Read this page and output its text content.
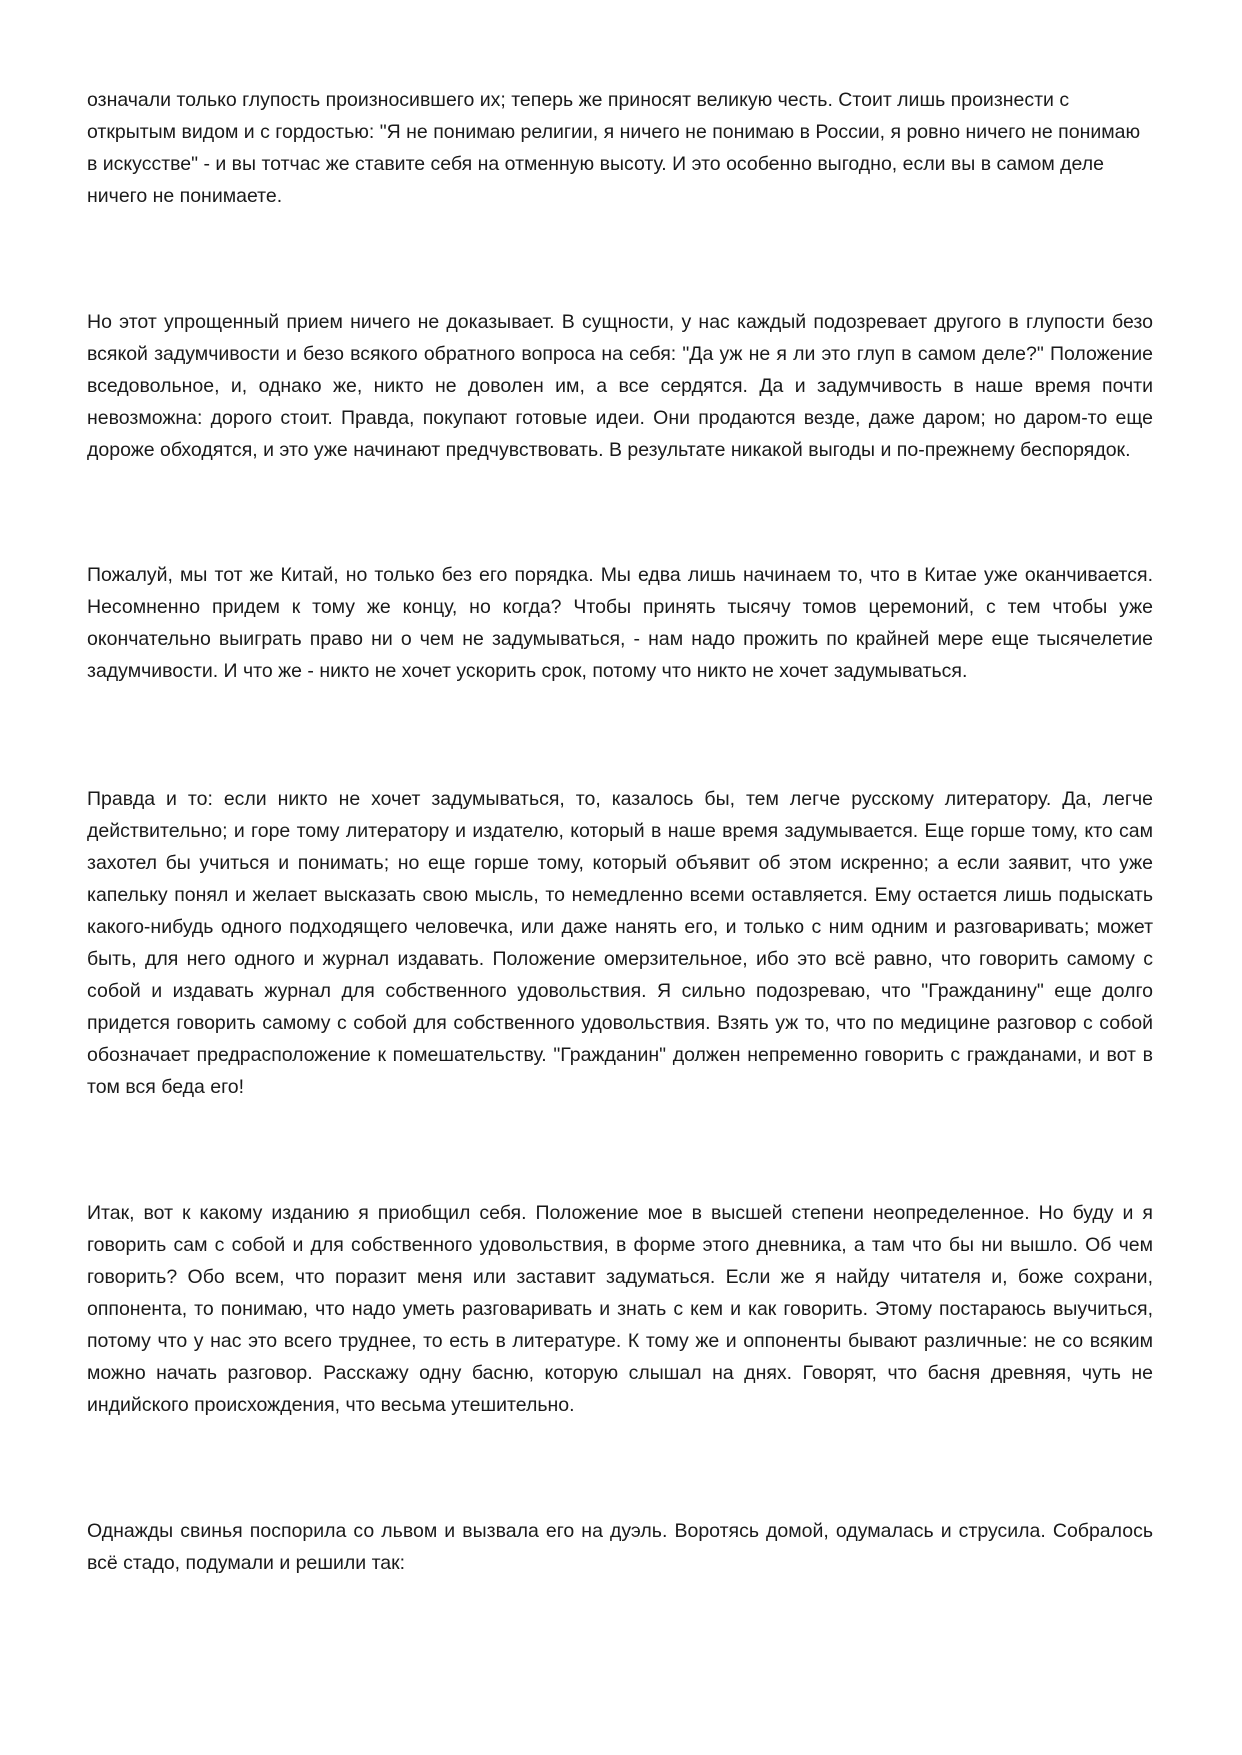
означали только глупость произносившего их; теперь же приносят великую честь. Стоит лишь произнести с открытым видом и с гордостью: "Я не понимаю религии, я ничего не понимаю в России, я ровно ничего не понимаю в искусстве" - и вы тотчас же ставите себя на отменную высоту. И это особенно выгодно, если вы в самом деле ничего не понимаете.

Но этот упрощенный прием ничего не доказывает. В сущности, у нас каждый подозревает другого в глупости безо всякой задумчивости и безо всякого обратного вопроса на себя: "Да уж не я ли это глуп в самом деле?" Положение вседовольное, и, однако же, никто не доволен им, а все сердятся. Да и задумчивость в наше время почти невозможна: дорого стоит. Правда, покупают готовые идеи. Они продаются везде, даже даром; но даром-то еще дороже обходятся, и это уже начинают предчувствовать. В результате никакой выгоды и по-прежнему беспорядок.

Пожалуй, мы тот же Китай, но только без его порядка. Мы едва лишь начинаем то, что в Китае уже оканчивается. Несомненно придем к тому же концу, но когда? Чтобы принять тысячу томов церемоний, с тем чтобы уже окончательно выиграть право ни о чем не задумываться, - нам надо прожить по крайней мере еще тысячелетие задумчивости. И что же - никто не хочет ускорить срок, потому что никто не хочет задумываться.

Правда и то: если никто не хочет задумываться, то, казалось бы, тем легче русскому литератору. Да, легче действительно; и горе тому литератору и издателю, который в наше время задумывается. Еще горше тому, кто сам захотел бы учиться и понимать; но еще горше тому, который объявит об этом искренно; а если заявит, что уже капельку понял и желает высказать свою мысль, то немедленно всеми оставляется. Ему остается лишь подыскать какого-нибудь одного подходящего человечка, или даже нанять его, и только с ним одним и разговаривать; может быть, для него одного и журнал издавать. Положение омерзительное, ибо это всё равно, что говорить самому с собой и издавать журнал для собственного удовольствия. Я сильно подозреваю, что "Гражданину" еще долго придется говорить самому с собой для собственного удовольствия. Взять уж то, что по медицине разговор с собой обозначает предрасположение к помешательству. "Гражданин" должен непременно говорить с гражданами, и вот в том вся беда его!

Итак, вот к какому изданию я приобщил себя. Положение мое в высшей степени неопределенное. Но буду и я говорить сам с собой и для собственного удовольствия, в форме этого дневника, а там что бы ни вышло. Об чем говорить? Обо всем, что поразит меня или заставит задуматься. Если же я найду читателя и, боже сохрани, оппонента, то понимаю, что надо уметь разговаривать и знать с кем и как говорить. Этому постараюсь выучиться, потому что у нас это всего труднее, то есть в литературе. К тому же и оппоненты бывают различные: не со всяким можно начать разговор. Расскажу одну басню, которую слышал на днях. Говорят, что басня древняя, чуть не индийского происхождения, что весьма утешительно.

Однажды свинья поспорила со львом и вызвала его на дуэль. Воротясь домой, одумалась и струсила. Собралось всё стадо, подумали и решили так:
